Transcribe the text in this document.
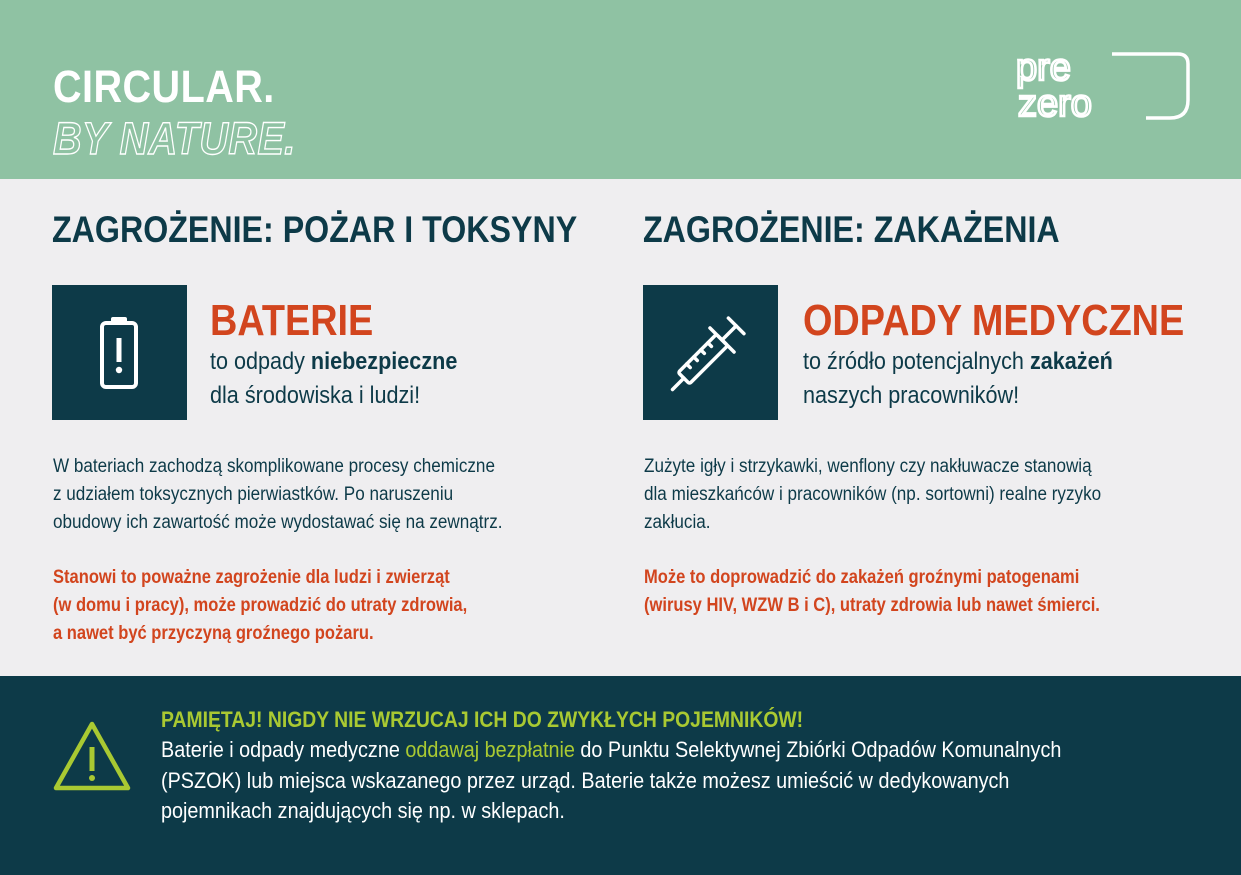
CIRCULAR.
BY NATURE.
pre
zero
ZAGROŻENIE: POŻAR I TOKSYNY
BATERIE
to odpady niebezpieczne
dla środowiska i ludzi!
W bateriach zachodzą skomplikowane procesy chemiczne
z udziałem toksycznych pierwiastków. Po naruszeniu
obudowy ich zawartość może wydostawać się na zewnątrz.
Stanowi to poważne zagrożenie dla ludzi i zwierząt
(w domu i pracy), może prowadzić do utraty zdrowia,
a nawet być przyczyną groźnego pożaru.
ZAGROŻENIE: ZAKAŻENIA
ODPADY MEDYCZNE
to źródło potencjalnych zakażeń
naszych pracowników!
Zużyte igły i strzykawki, wenflony czy nakłuwacze stanowią
dla mieszkańców i pracowników (np. sortowni) realne ryzyko
zakłucia.
Może to doprowadzić do zakażeń groźnymi patogenami
(wirusy HIV, WZW B i C), utraty zdrowia lub nawet śmierci.
PAMIĘTAJ! NIGDY NIE WRZUCAJ ICH DO ZWYKŁYCH POJEMNIKÓW!
Baterie i odpady medyczne oddawaj bezpłatnie do Punktu Selektywnej Zbiórki Odpadów Komunalnych
(PSZOK) lub miejsca wskazanego przez urząd. Baterie także możesz umieścić w dedykowanych
pojemnikach znajdujących się np. w sklepach.
